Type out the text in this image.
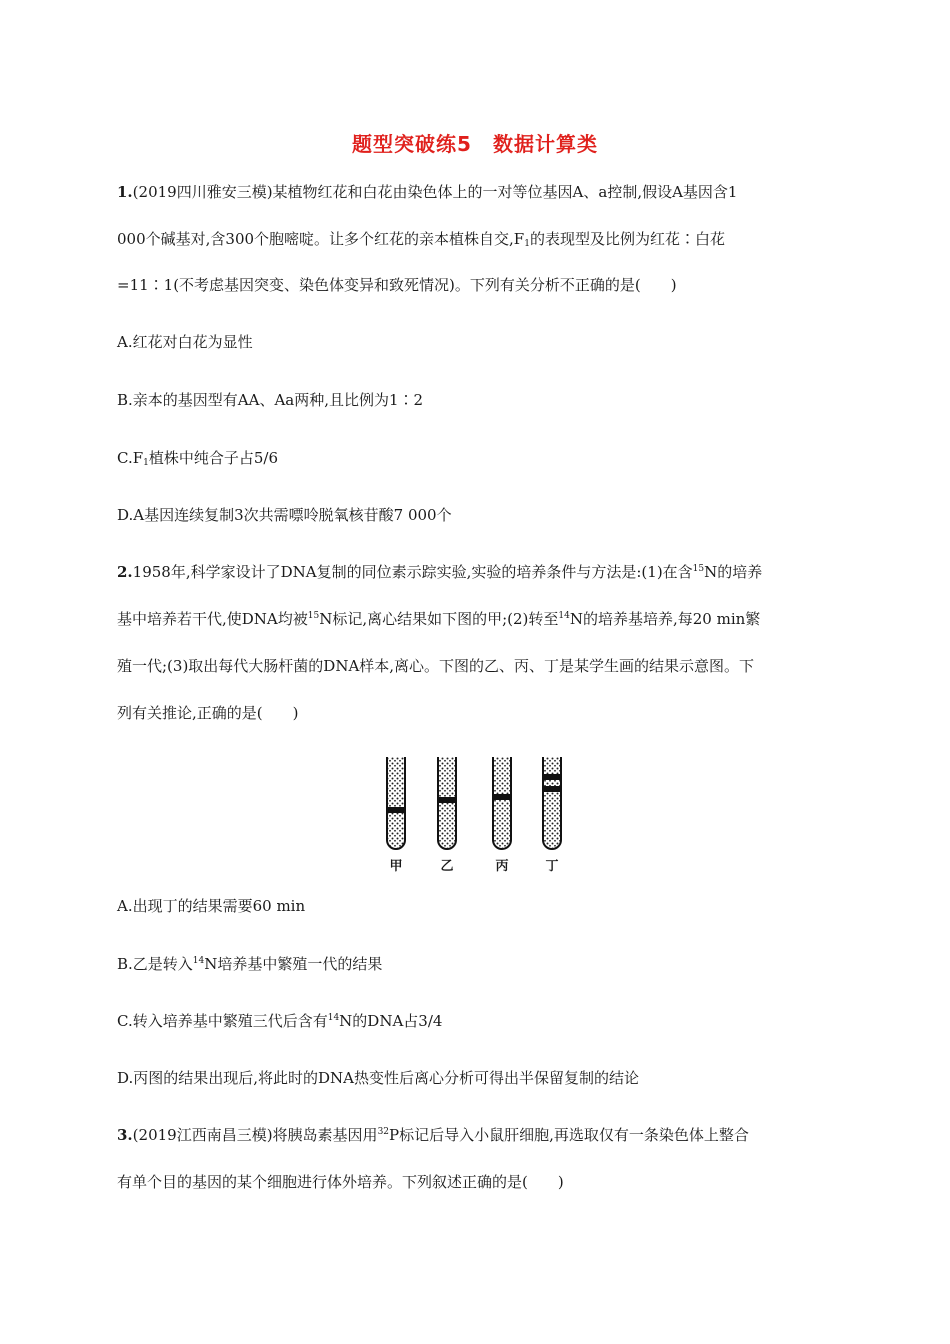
题型突破练5　数据计算类
1.(2019四川雅安三模)某植物红花和白花由染色体上的一对等位基因A、a控制,假设A基因含1
000个碱基对,含300个胞嘧啶。让多个红花的亲本植株自交$,F_1$的表现型及比例为红花∶白花
=11∶1(不考虑基因突变、染色体变异和致死情况)。下列有关分析不正确的是(　　)
A.红花对白花为显性
B.亲本的基因型有AA、Aa两种,且比例为1∶2
$C.F_1$植株中纯合子占5/6
D.A基因连续复制3次共需嘌呤脱氧核苷酸7 000个
2.1958年,科学家设计了DNA复制的同位素示踪实验,实验的培养条件与方法是:(1)在含$^{15}$N的培养
基中培养若干代,使DNA均被$^{15}$N标记,离心结果如下图的甲;(2)转至$^{14}$N的培养基培养,每20 min繁
殖一代;(3)取出每代大肠杆菌的DNA样本,离心。下图的乙、丙、丁是某学生画的结果示意图。下
列有关推论,正确的是(　　)
甲	乙	丙	丁
A.出现丁的结果需要60 min
B.乙是转入$^{14}$N培养基中繁殖一代的结果
C.转入培养基中繁殖三代后含有$^{14}$N的DNA占3/4
D.丙图的结果出现后,将此时的DNA热变性后离心分析可得出半保留复制的结论
3.(2019江西南昌三模)将胰岛素基因用$^{32}$P标记后导入小鼠肝细胞,再选取仅有一条染色体上整合
有单个目的基因的某个细胞进行体外培养。下列叙述正确的是(　　)
